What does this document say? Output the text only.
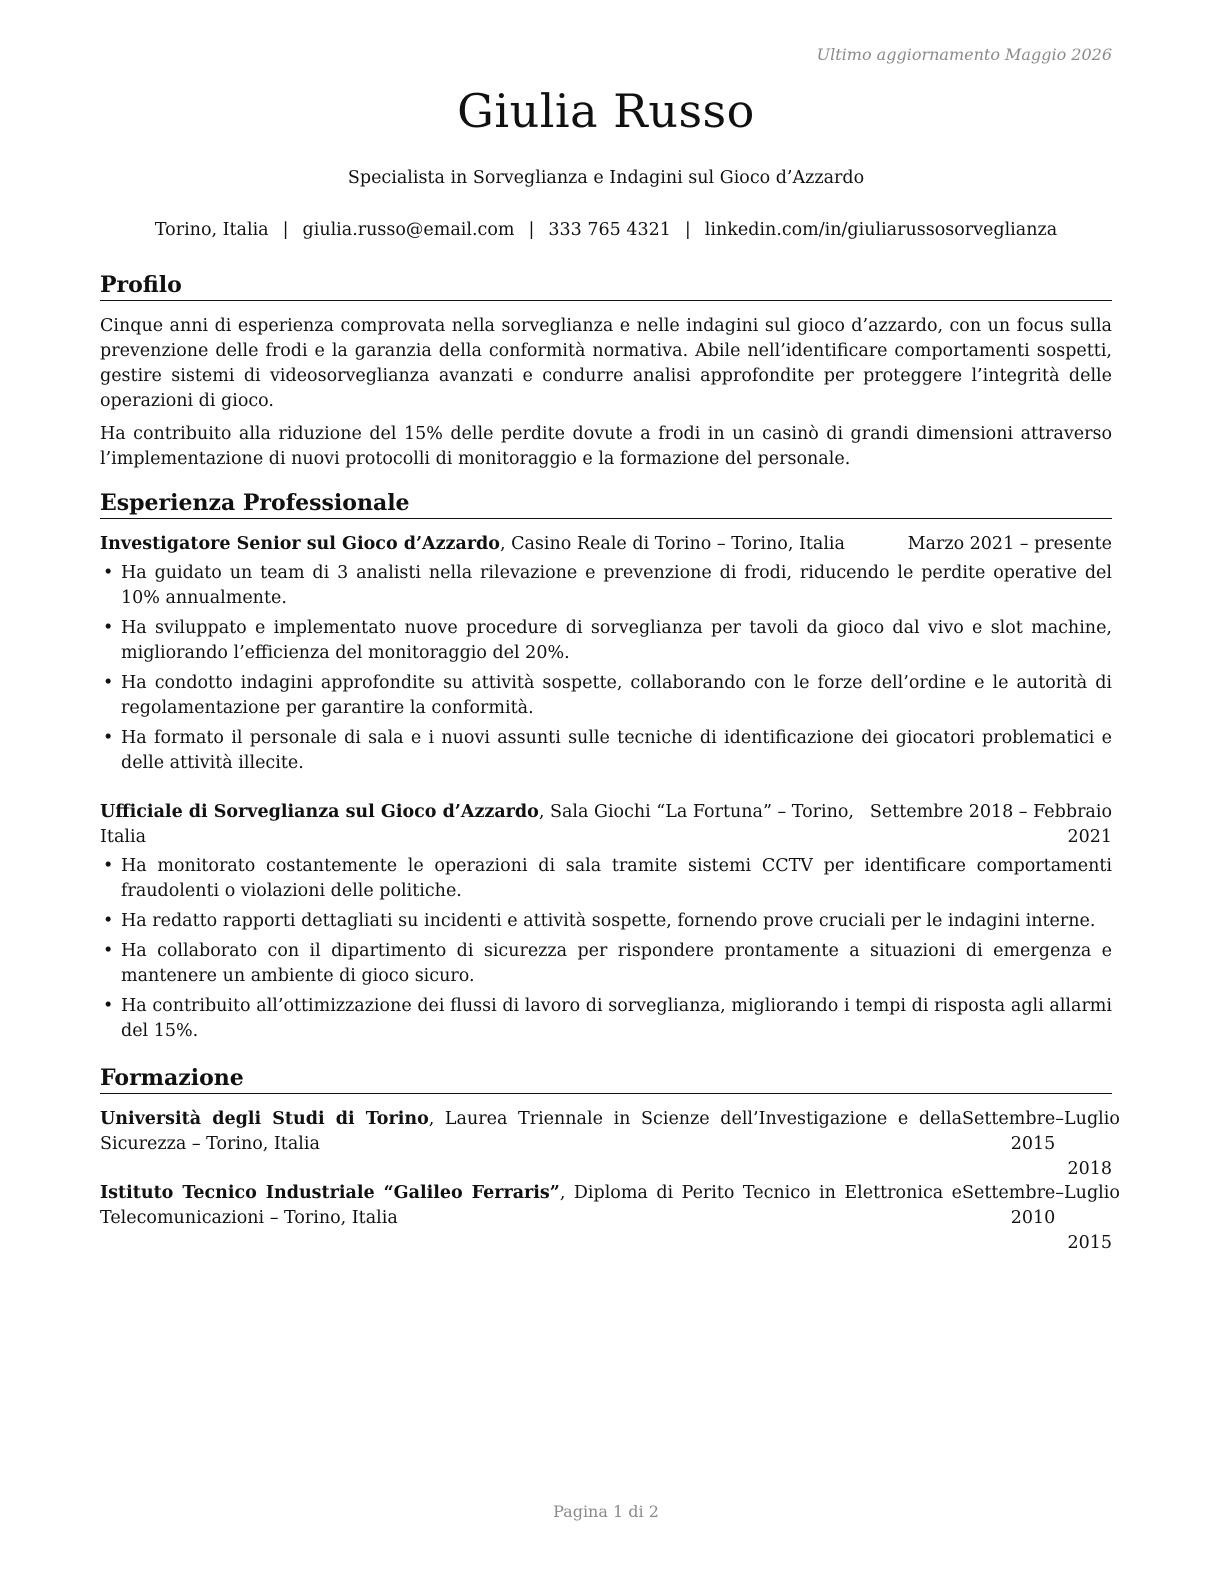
Ultimo aggiornamento Maggio 2026
Giulia Russo
Specialista in Sorveglianza e Indagini sul Gioco d’Azzardo
Torino, Italia | giulia.russo@email.com | 333 765 4321 | linkedin.com/in/giuliarussosorveglianza
Profilo

Cinque anni di esperienza comprovata nella sorveglianza e nelle indagini sul gioco d’azzardo, con un focus sulla prevenzione delle frodi e la garanzia della conformità normativa. Abile nell’identificare comportamenti sospetti, gestire sistemi di videosorveglianza avanzati e condurre analisi approfondite per proteggere l’integrità delle operazioni di gioco.

Ha contribuito alla riduzione del 15% delle perdite dovute a frodi in un casinò di grandi dimensioni attraverso l’implementazione di nuovi protocolli di monitoraggio e la formazione del personale.

Esperienza Professionale
Investigatore Senior sul Gioco d’Azzardo, Casino Reale di Torino – Torino, Italia	Marzo 2021 – presente
• Ha guidato un team di 3 analisti nella rilevazione e prevenzione di frodi, riducendo le perdite operative del 10% annualmente.
• Ha sviluppato e implementato nuove procedure di sorveglianza per tavoli da gioco dal vivo e slot machine, migliorando l’efficienza del monitoraggio del 20%.
• Ha condotto indagini approfondite su attività sospette, collaborando con le forze dell’ordine e le autorità di regolamentazione per garantire la conformità.
• Ha formato il personale di sala e i nuovi assunti sulle tecniche di identificazione dei giocatori problematici e delle attività illecite.
Ufficiale di Sorveglianza sul Gioco d’Azzardo, Sala Giochi “La Fortuna” – Torino, Italia
Settembre 2018 – Febbraio
2021
• Ha monitorato costantemente le operazioni di sala tramite sistemi CCTV per identificare comportamenti fraudolenti o violazioni delle politiche.
• Ha redatto rapporti dettagliati su incidenti e attività sospette, fornendo prove cruciali per le indagini interne.
• Ha collaborato con il dipartimento di sicurezza per rispondere prontamente a situazioni di emergenza e mantenere un ambiente di gioco sicuro.
• Ha contribuito all’ottimizzazione dei flussi di lavoro di sorveglianza, migliorando i tempi di risposta agli allarmi del 15%.
Formazione
Università degli Studi di Torino, Laurea Triennale in Scienze dell’Investigazione e della Sicurezza – Torino, Italia
Settembre 2015
– Luglio
2018
Istituto Tecnico Industriale “Galileo Ferraris”, Diploma di Perito Tecnico in Elettronica e Telecomunicazioni – Torino, Italia
Settembre 2010
– Luglio
2015
Pagina 1 di 2
